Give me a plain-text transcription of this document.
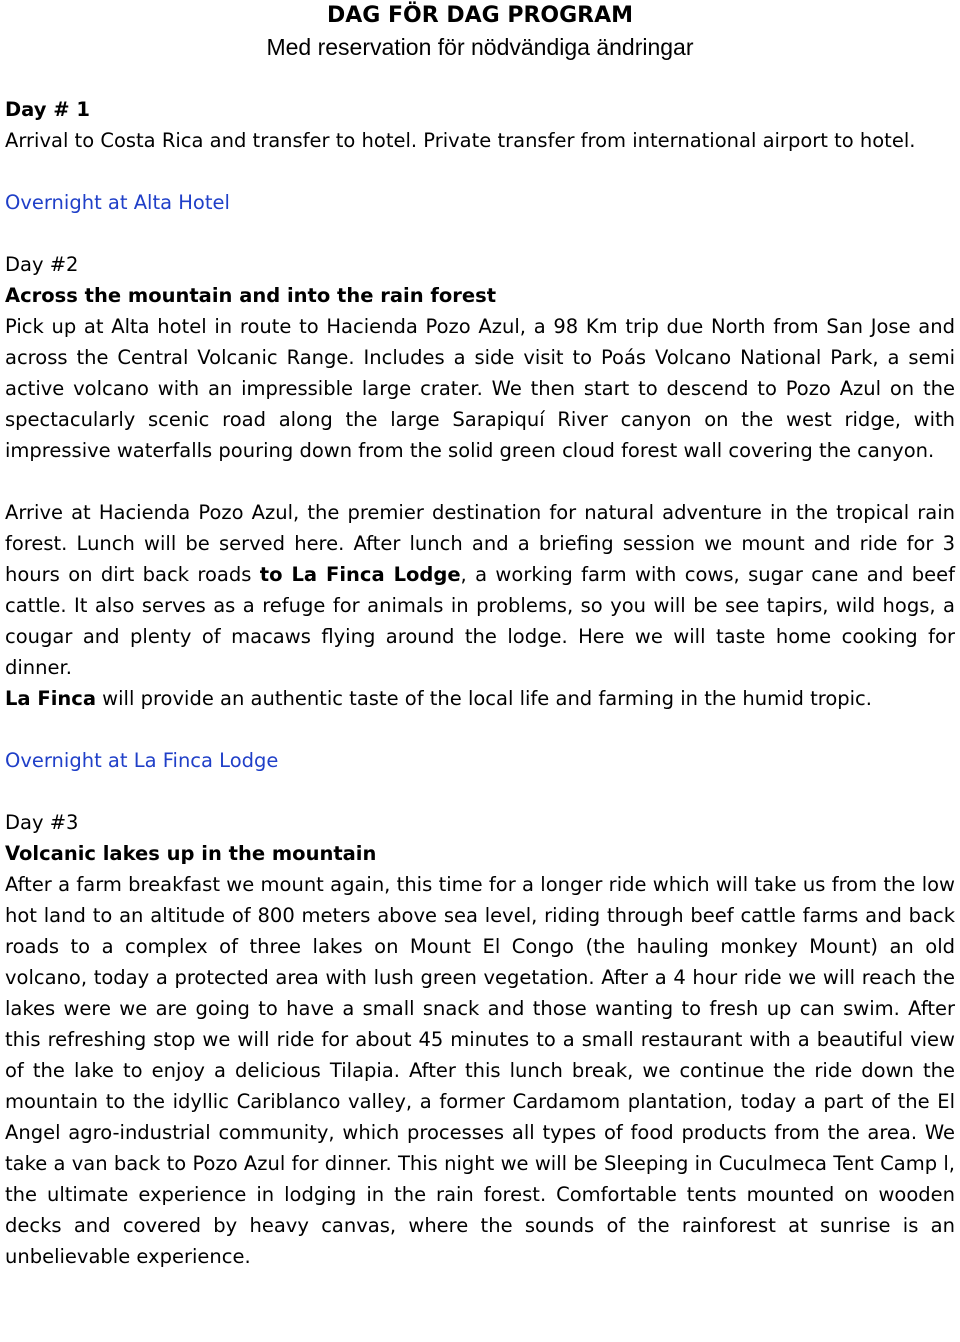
DAG FÖR DAG PROGRAM
Med reservation för nödvändiga ändringar

Day # 1

Arrival to Costa Rica and transfer to hotel. Private transfer from international airport to hotel.

Overnight at Alta Hotel

Day #2

Across the mountain and into the rain forest

Pick up at Alta hotel in route to Hacienda Pozo Azul, a 98 Km trip due North from San Jose and across the Central Volcanic Range. Includes a side visit to Poás Volcano National Park, a semi active volcano with an impressible large crater. We then start to descend to Pozo Azul on the spectacularly scenic road along the large Sarapiquí River canyon on the west ridge, with impressive waterfalls pouring down from the solid green cloud forest wall covering the canyon.

Arrive at Hacienda Pozo Azul, the premier destination for natural adventure in the tropical rain forest. Lunch will be served here. After lunch and a briefing session we mount and ride for 3 hours on dirt back roads to La Finca Lodge, a working farm with cows, sugar cane and beef cattle. It also serves as a refuge for animals in problems, so you will be see tapirs, wild hogs, a cougar and plenty of macaws flying around the lodge. Here we will taste home cooking for dinner.

La Finca will provide an authentic taste of the local life and farming in the humid tropic.

Overnight at La Finca Lodge

Day #3

Volcanic lakes up in the mountain

After a farm breakfast we mount again, this time for a longer ride which will take us from the low hot land to an altitude of 800 meters above sea level, riding through beef cattle farms and back roads to a complex of three lakes on Mount El Congo (the hauling monkey Mount) an old volcano, today a protected area with lush green vegetation. After a 4 hour ride we will reach the lakes were we are going to have a small snack and those wanting to fresh up can swim. After this refreshing stop we will ride for about 45 minutes to a small restaurant with a beautiful view of the lake to enjoy a delicious Tilapia. After this lunch break, we continue the ride down the mountain to the idyllic Cariblanco valley, a former Cardamom plantation, today a part of the El Angel agro-industrial community, which processes all types of food products from the area. We take a van back to Pozo Azul for dinner. This night we will be Sleeping in Cuculmeca Tent Camp l, the ultimate experience in lodging in the rain forest. Comfortable tents mounted on wooden decks and covered by heavy canvas, where the sounds of the rainforest at sunrise is an unbelievable experience.
